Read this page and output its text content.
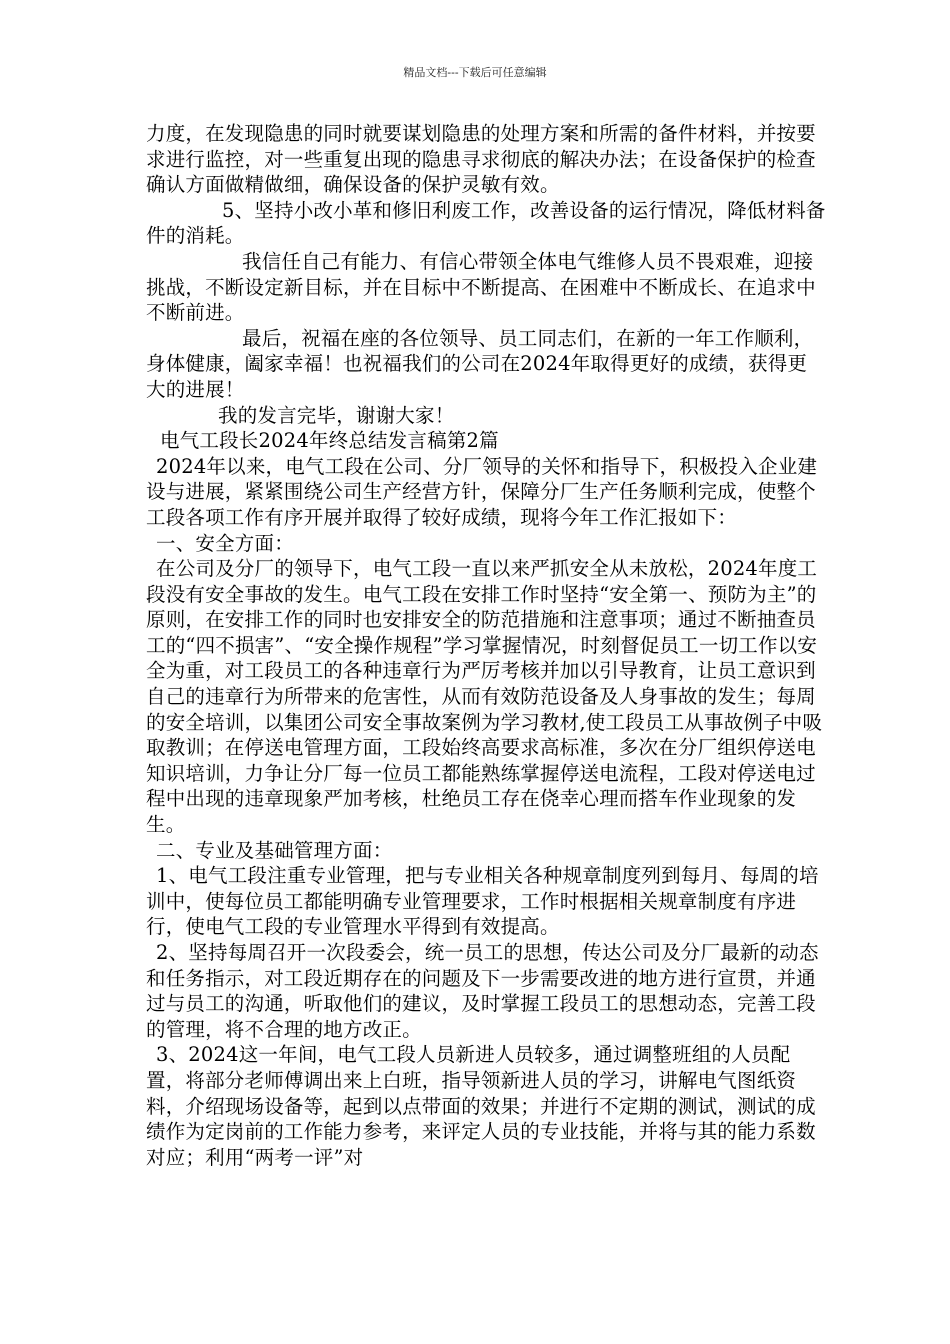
精品文档---下载后可任意编辑

力度，在发现隐患的同时就要谋划隐患的处理方案和所需的备件材料，并按要求进行监控，对一些重复出现的隐患寻求彻底的解决办法；在设备保护的检查确认方面做精做细，确保设备的保护灵敏有效。

5、坚持小改小革和修旧利废工作，改善设备的运行情况，降低材料备件的消耗。

我信任自己有能力、有信心带领全体电气维修人员不畏艰难，迎接挑战，不断设定新目标，并在目标中不断提高、在困难中不断成长、在追求中不断前进。

最后，祝福在座的各位领导、员工同志们，在新的一年工作顺利，身体健康，阖家幸福！也祝福我们的公司在2024年取得更好的成绩，获得更大的进展！

我的发言完毕，谢谢大家！

电气工段长2024年终总结发言稿第2篇

2024年以来，电气工段在公司、分厂领导的关怀和指导下，积极投入企业建设与进展，紧紧围绕公司生产经营方针，保障分厂生产任务顺利完成，使整个工段各项工作有序开展并取得了较好成绩，现将今年工作汇报如下：

一、安全方面：

在公司及分厂的领导下，电气工段一直以来严抓安全从未放松，2024年度工段没有安全事故的发生。电气工段在安排工作时坚持“安全第一、预防为主”的原则，在安排工作的同时也安排安全的防范措施和注意事项；通过不断抽查员工的“四不损害”、“安全操作规程”学习掌握情况，时刻督促员工一切工作以安全为重，对工段员工的各种违章行为严厉考核并加以引导教育，让员工意识到自己的违章行为所带来的危害性，从而有效防范设备及人身事故的发生；每周的安全培训，以集团公司安全事故案例为学习教材,使工段员工从事故例子中吸取教训；在停送电管理方面，工段始终高要求高标准，多次在分厂组织停送电知识培训，力争让分厂每一位员工都能熟练掌握停送电流程，工段对停送电过程中出现的违章现象严加考核，杜绝员工存在侥幸心理而搭车作业现象的发生。

二、专业及基础管理方面：

1、电气工段注重专业管理，把与专业相关各种规章制度列到每月、每周的培训中，使每位员工都能明确专业管理要求，工作时根据相关规章制度有序进行，使电气工段的专业管理水平得到有效提高。

2、坚持每周召开一次段委会，统一员工的思想，传达公司及分厂最新的动态和任务指示，对工段近期存在的问题及下一步需要改进的地方进行宣贯，并通过与员工的沟通，听取他们的建议，及时掌握工段员工的思想动态，完善工段的管理，将不合理的地方改正。

3、2024这一年间，电气工段人员新进人员较多，通过调整班组的人员配置，将部分老师傅调出来上白班，指导领新进人员的学习，讲解电气图纸资料，介绍现场设备等，起到以点带面的效果；并进行不定期的测试，测试的成绩作为定岗前的工作能力参考，来评定人员的专业技能，并将与其的能力系数对应；利用“两考一评”对
